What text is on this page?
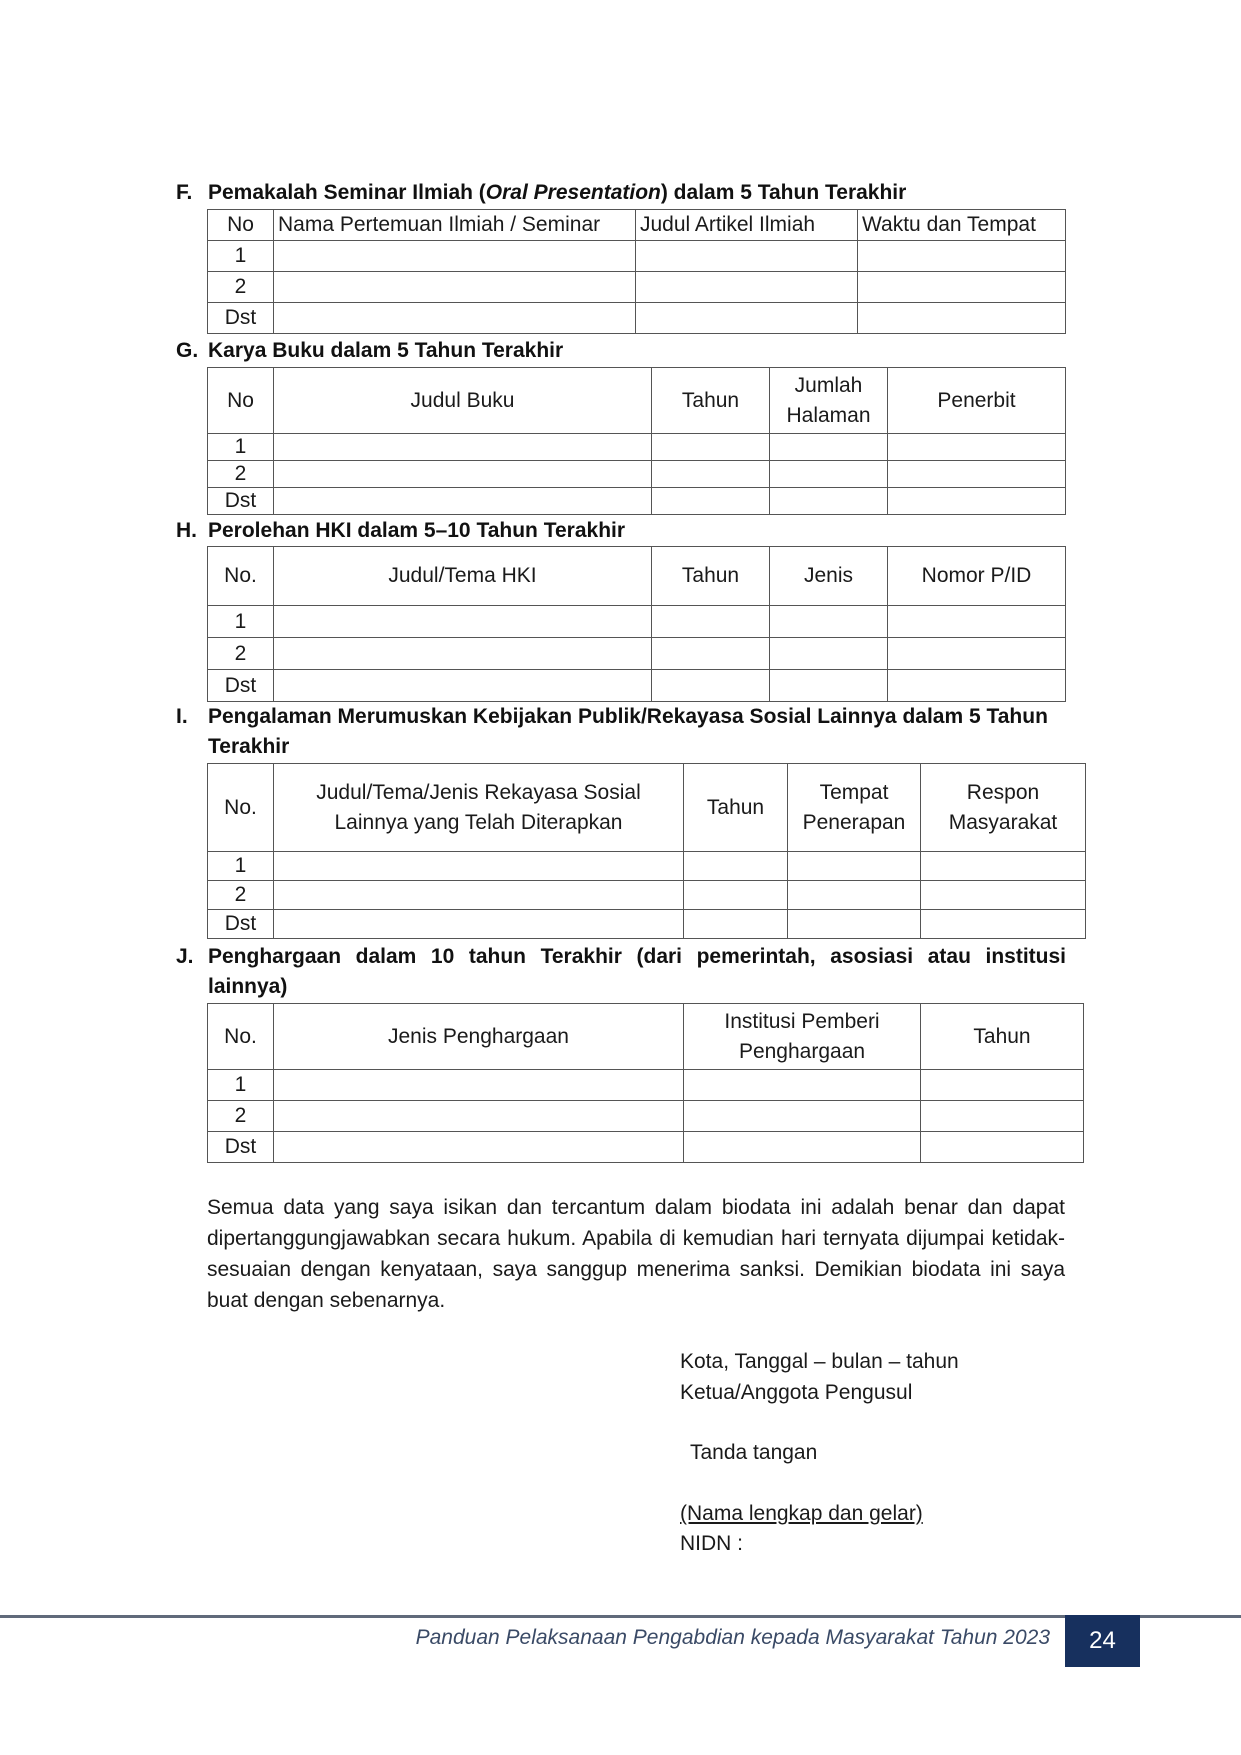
F. Pemakalah Seminar Ilmiah (Oral Presentation) dalam 5 Tahun Terakhir
No	Nama Pertemuan Ilmiah / Seminar	Judul Artikel Ilmiah	Waktu dan Tempat
1			
2			
Dst			
G. Karya Buku dalam 5 Tahun Terakhir
No	Judul Buku	Tahun	Jumlah Halaman	Penerbit
1				
2				
Dst				
H. Perolehan HKI dalam 5–10 Tahun Terakhir
No.	Judul/Tema HKI	Tahun	Jenis	Nomor P/ID
1				
2				
Dst				
I. Pengalaman Merumuskan Kebijakan Publik/Rekayasa Sosial Lainnya dalam 5 Tahun Terakhir
No.	Judul/Tema/Jenis Rekayasa Sosial Lainnya yang Telah Diterapkan	Tahun	Tempat Penerapan	Respon Masyarakat
1				
2				
Dst				
J. Penghargaan dalam 10 tahun Terakhir (dari pemerintah, asosiasi atau institusi lainnya)
No.	Jenis Penghargaan	Institusi Pemberi Penghargaan	Tahun
1			
2			
Dst			
Semua data yang saya isikan dan tercantum dalam biodata ini adalah benar dan dapat dipertanggungjawabkan secara hukum. Apabila di kemudian hari ternyata dijumpai ketidak- sesuaian dengan kenyataan, saya sanggup menerima sanksi. Demikian biodata ini saya buat dengan sebenarnya.
Kota, Tanggal – bulan – tahun
Ketua/Anggota Pengusul
Tanda tangan
(Nama lengkap dan gelar)
NIDN :
Panduan Pelaksanaan Pengabdian kepada Masyarakat Tahun 2023	24
